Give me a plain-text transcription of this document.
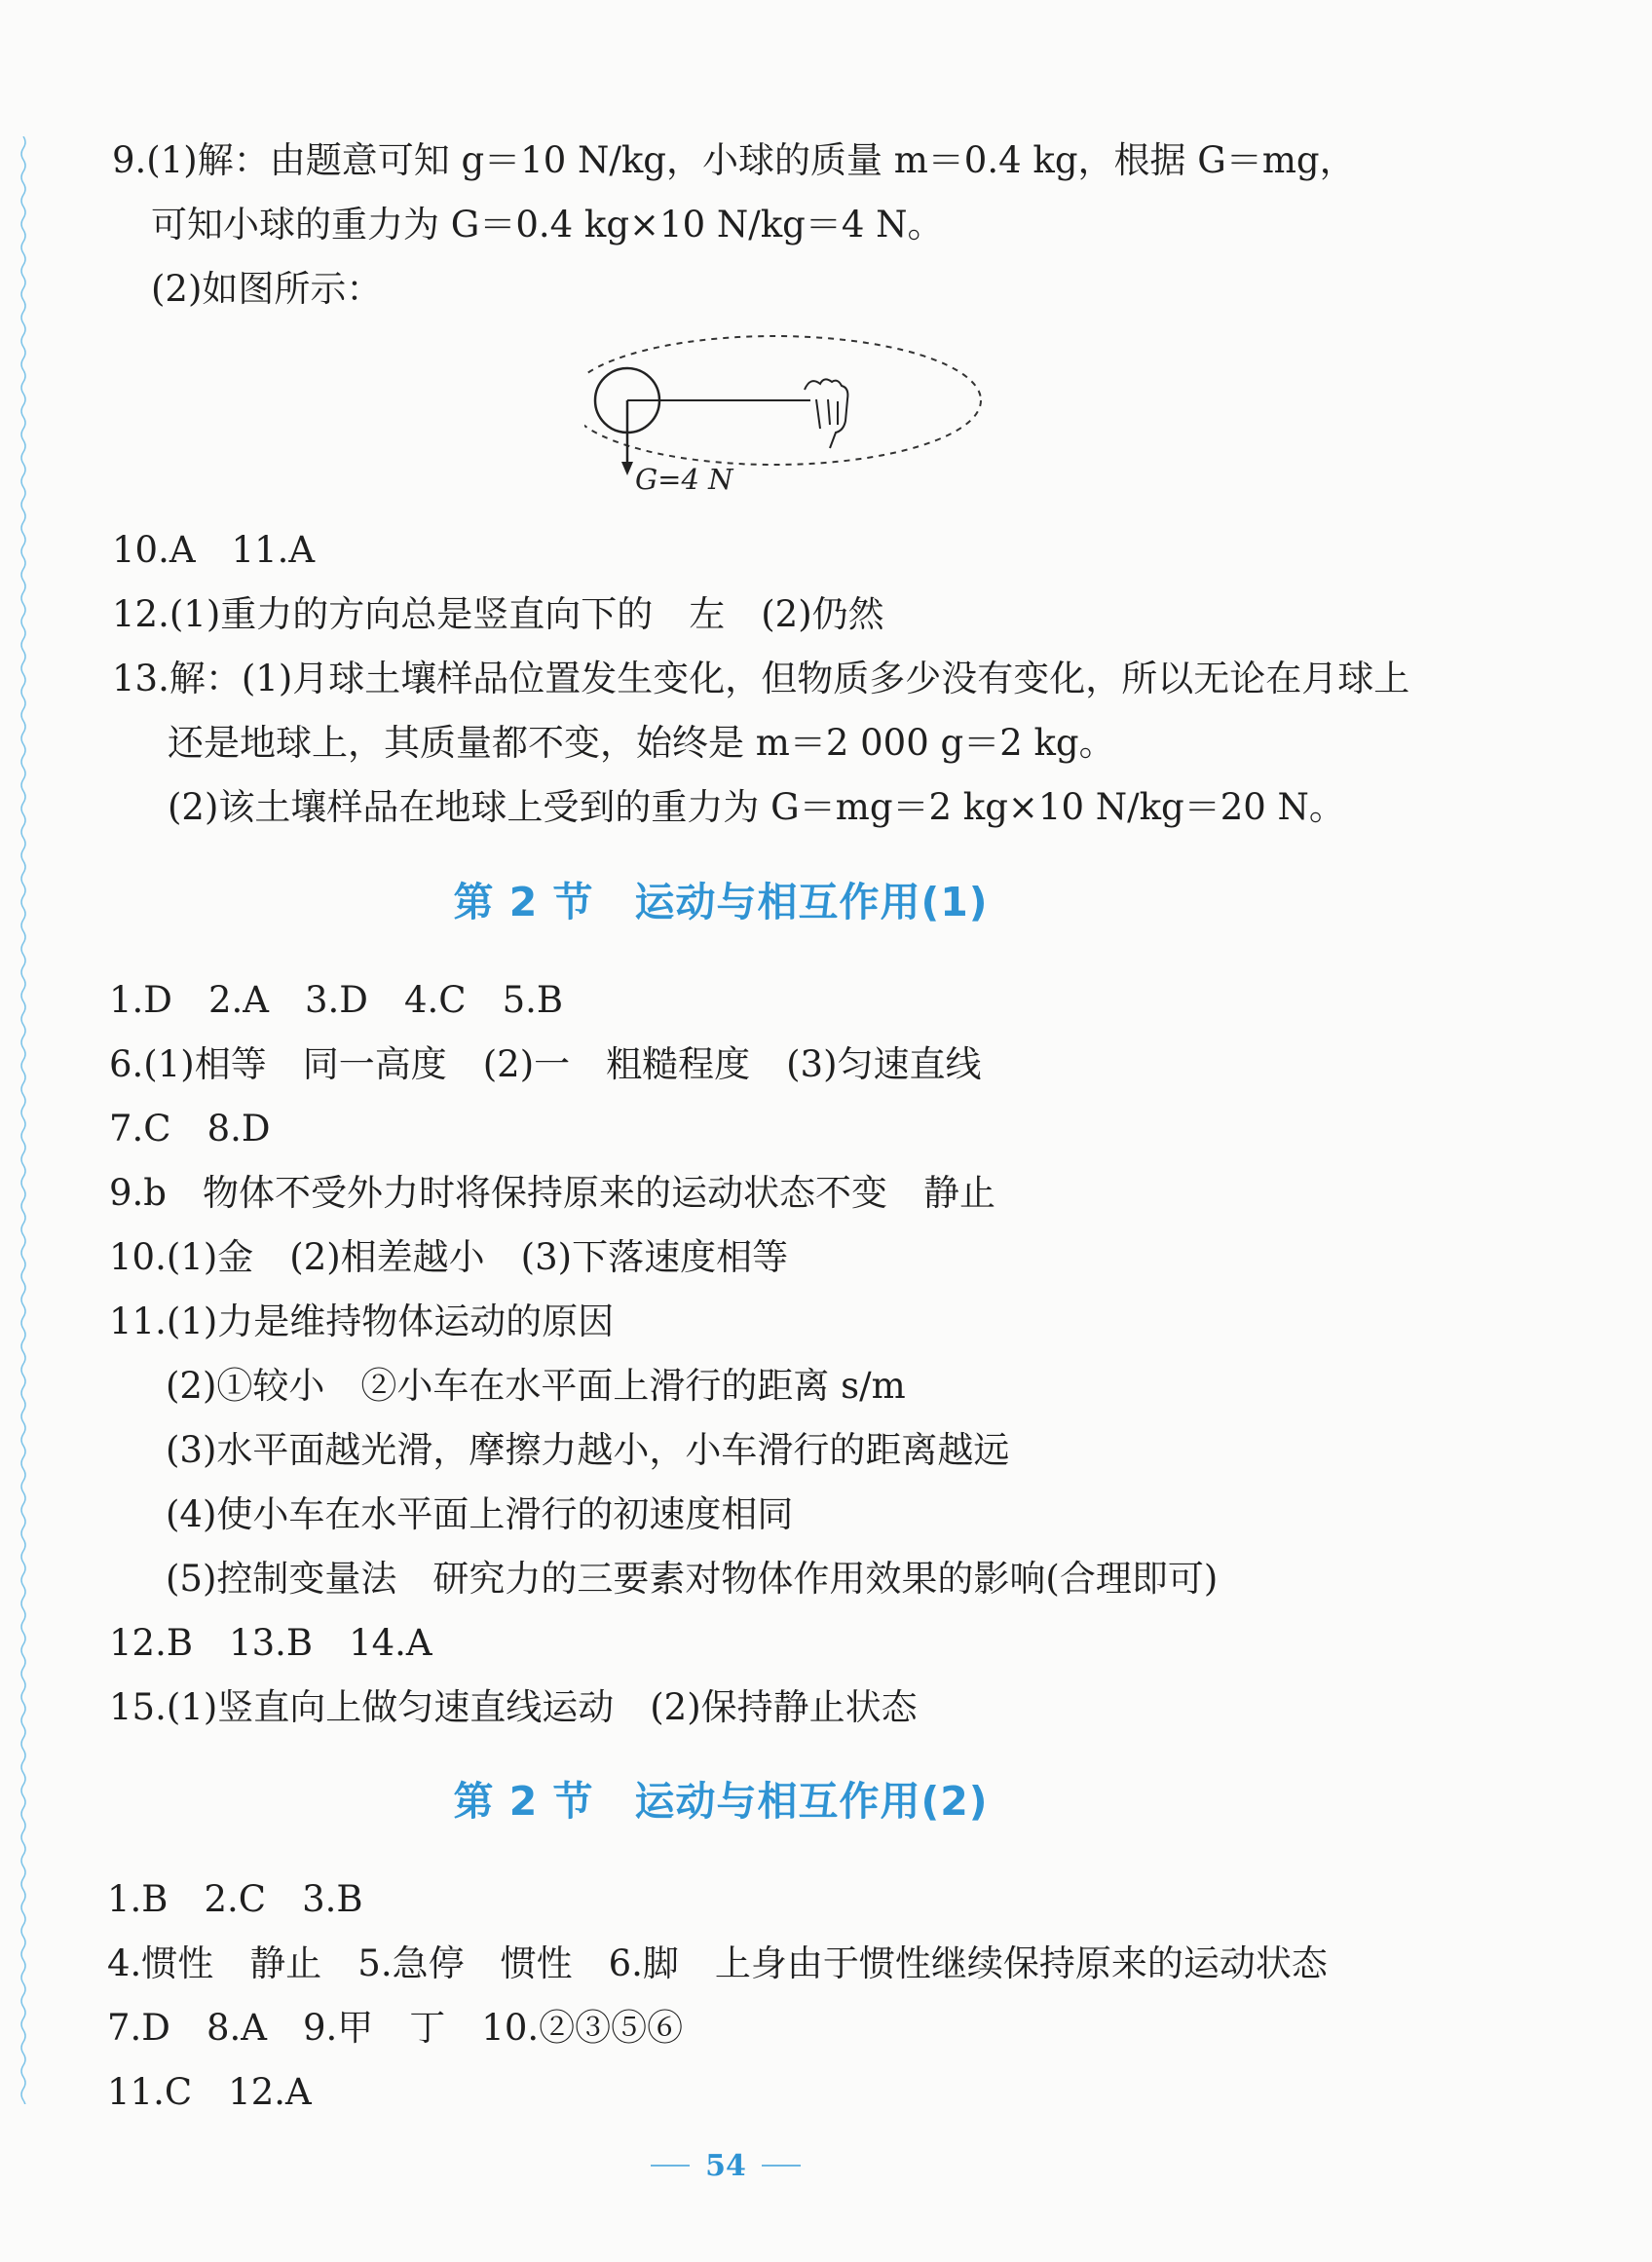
9.(1)解：由题意可知 g＝10 N/kg，小球的质量 m＝0.4 kg，根据 G＝mg，
可知小球的重力为 G＝0.4 kg×10 N/kg＝4 N。
(2)如图所示：
G=4 N
10.A　11.A
12.(1)重力的方向总是竖直向下的　左　(2)仍然
13.解：(1)月球土壤样品位置发生变化，但物质多少没有变化，所以无论在月球上
还是地球上，其质量都不变，始终是 m＝2 000 g＝2 kg。
(2)该土壤样品在地球上受到的重力为 G＝mg＝2 kg×10 N/kg＝20 N。
第 2 节　运动与相互作用(1)
1.D　2.A　3.D　4.C　5.B
6.(1)相等　同一高度　(2)一　粗糙程度　(3)匀速直线
7.C　8.D
9.b　物体不受外力时将保持原来的运动状态不变　静止
10.(1)金　(2)相差越小　(3)下落速度相等
11.(1)力是维持物体运动的原因
(2)①较小　②小车在水平面上滑行的距离 s/m
(3)水平面越光滑，摩擦力越小，小车滑行的距离越远
(4)使小车在水平面上滑行的初速度相同
(5)控制变量法　研究力的三要素对物体作用效果的影响(合理即可)
12.B　13.B　14.A
15.(1)竖直向上做匀速直线运动　(2)保持静止状态
第 2 节　运动与相互作用(2)
1.B　2.C　3.B
4.惯性　静止　5.急停　惯性　6.脚　上身由于惯性继续保持原来的运动状态
7.D　8.A　9.甲　丁　10.②③⑤⑥
11.C　12.A
54
